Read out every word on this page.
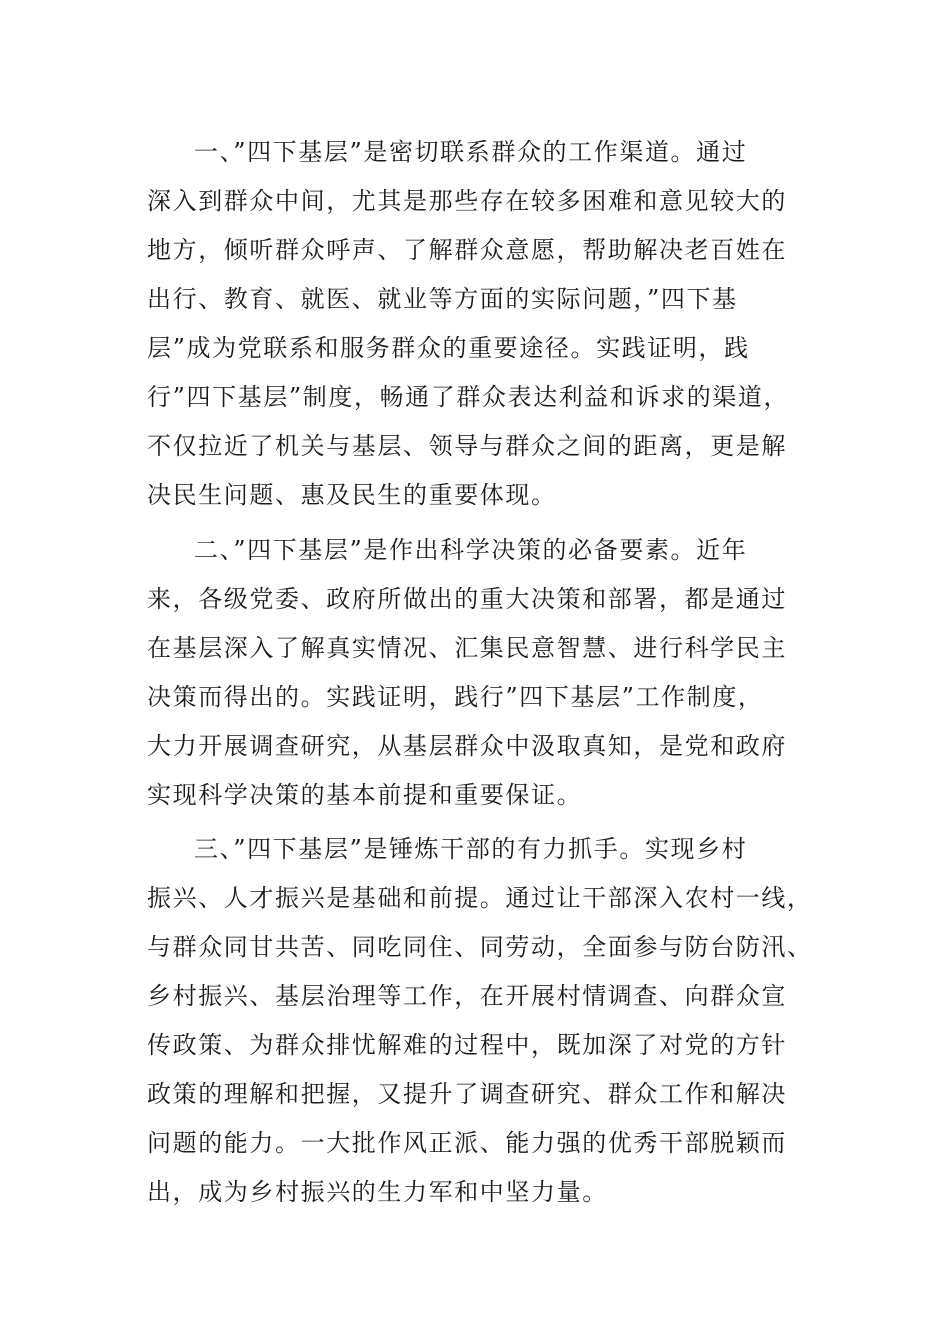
一、”四下基层”是密切联系群众的工作渠道。通过
深入到群众中间，尤其是那些存在较多困难和意见较大的
地方，倾听群众呼声、了解群众意愿，帮助解决老百姓在
出行、教育、就医、就业等方面的实际问题，”四下基
层”成为党联系和服务群众的重要途径。实践证明，践
行”四下基层”制度，畅通了群众表达利益和诉求的渠道，
不仅拉近了机关与基层、领导与群众之间的距离，更是解
决民生问题、惠及民生的重要体现。
二、”四下基层”是作出科学决策的必备要素。近年
来，各级党委、政府所做出的重大决策和部署，都是通过
在基层深入了解真实情况、汇集民意智慧、进行科学民主
决策而得出的。实践证明，践行”四下基层”工作制度，
大力开展调查研究，从基层群众中汲取真知，是党和政府
实现科学决策的基本前提和重要保证。
三、”四下基层”是锤炼干部的有力抓手。实现乡村
振兴、人才振兴是基础和前提。通过让干部深入农村一线，
与群众同甘共苦、同吃同住、同劳动，全面参与防台防汛、
乡村振兴、基层治理等工作，在开展村情调查、向群众宣
传政策、为群众排忧解难的过程中，既加深了对党的方针
政策的理解和把握，又提升了调查研究、群众工作和解决
问题的能力。一大批作风正派、能力强的优秀干部脱颖而
出，成为乡村振兴的生力军和中坚力量。
